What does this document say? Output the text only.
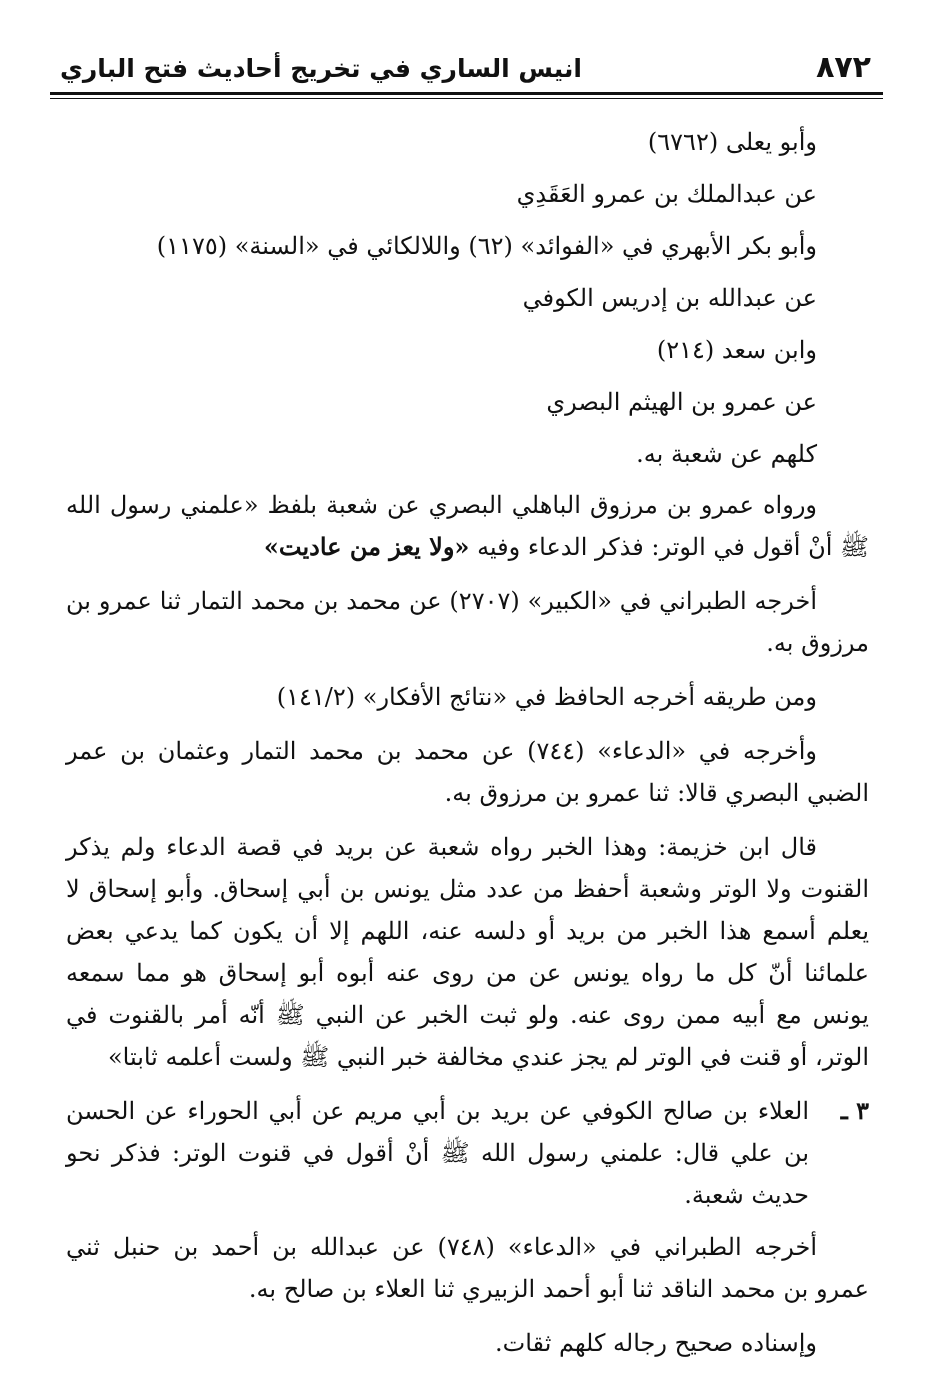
٨٧٢
انيس الساري في تخريج أحاديث فتح الباري
وأبو يعلى (٦٧٦٢)
عن عبدالملك بن عمرو العَقَدِي
وأبو بكر الأبهري في «الفوائد» (٦٢) واللالكائي في «السنة» (١١٧٥)
عن عبدالله بن إدريس الكوفي
وابن سعد (٢١٤)
عن عمرو بن الهيثم البصري
كلهم عن شعبة به.

ورواه عمرو بن مرزوق الباهلي البصري عن شعبة بلفظ «علمني رسول الله ﷺ أنْ أقول في الوتر: فذكر الدعاء وفيه «ولا يعز من عاديت»

أخرجه الطبراني في «الكبير» (٢٧٠٧) عن محمد بن محمد التمار ثنا عمرو بن مرزوق به.

ومن طريقه أخرجه الحافظ في «نتائج الأفكار» (١٤١/٢)

وأخرجه في «الدعاء» (٧٤٤) عن محمد بن محمد التمار وعثمان بن عمر الضبي البصري قالا: ثنا عمرو بن مرزوق به.

قال ابن خزيمة: وهذا الخبر رواه شعبة عن بريد في قصة الدعاء ولم يذكر القنوت ولا الوتر وشعبة أحفظ من عدد مثل يونس بن أبي إسحاق. وأبو إسحاق لا يعلم أسمع هذا الخبر من بريد أو دلسه عنه، اللهم إلا أن يكون كما يدعي بعض علمائنا أنّ كل ما رواه يونس عن من روى عنه أبوه أبو إسحاق هو مما سمعه يونس مع أبيه ممن روى عنه. ولو ثبت الخبر عن النبي ﷺ أنّه أمر بالقنوت في الوتر، أو قنت في الوتر لم يجز عندي مخالفة خبر النبي ﷺ ولست أعلمه ثابتا»

٣ ـ
العلاء بن صالح الكوفي عن بريد بن أبي مريم عن أبي الحوراء عن الحسن بن علي قال: علمني رسول الله ﷺ أنْ أقول في قنوت الوتر: فذكر نحو حديث شعبة.

أخرجه الطبراني في «الدعاء» (٧٤٨) عن عبدالله بن أحمد بن حنبل ثني عمرو بن محمد الناقد ثنا أبو أحمد الزبيري ثنا العلاء بن صالح به.

وإسناده صحيح رجاله كلهم ثقات.
